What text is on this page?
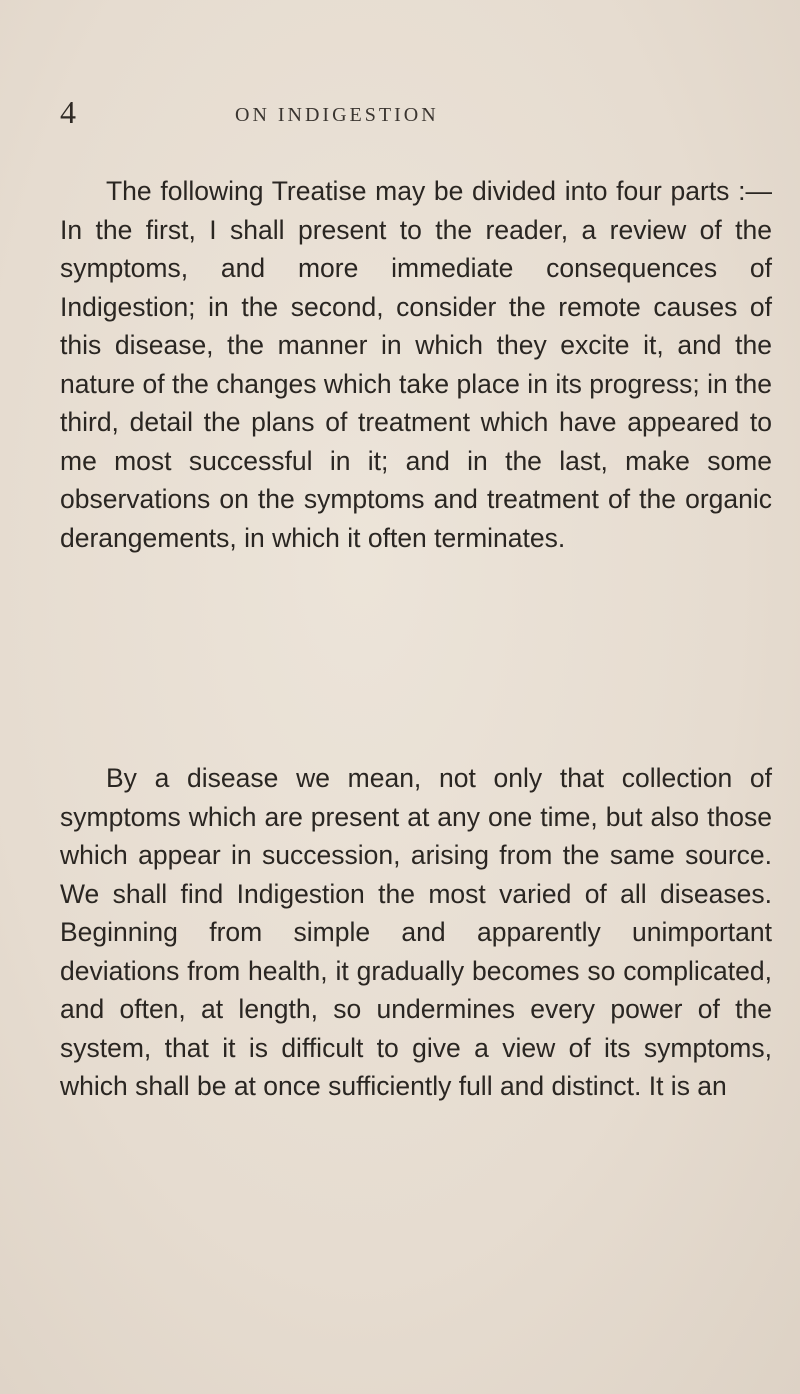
4	ON INDIGESTION

The following Treatise may be divided into four parts :—In the first, I shall present to the reader, a review of the symptoms, and more immediate consequences of Indigestion; in the second, consider the remote causes of this disease, the manner in which they excite it, and the nature of the changes which take place in its progress; in the third, detail the plans of treatment which have appeared to me most successful in it; and in the last, make some observations on the symptoms and treatment of the organic derangements, in which it often terminates.

By a disease we mean, not only that collection of symptoms which are present at any one time, but also those which appear in succession, arising from the same source. We shall find Indigestion the most varied of all diseases. Beginning from simple and apparently unimportant deviations from health, it gradually becomes so complicated, and often, at length, so undermines every power of the system, that it is difficult to give a view of its symptoms, which shall be at once sufficiently full and distinct. It is an
